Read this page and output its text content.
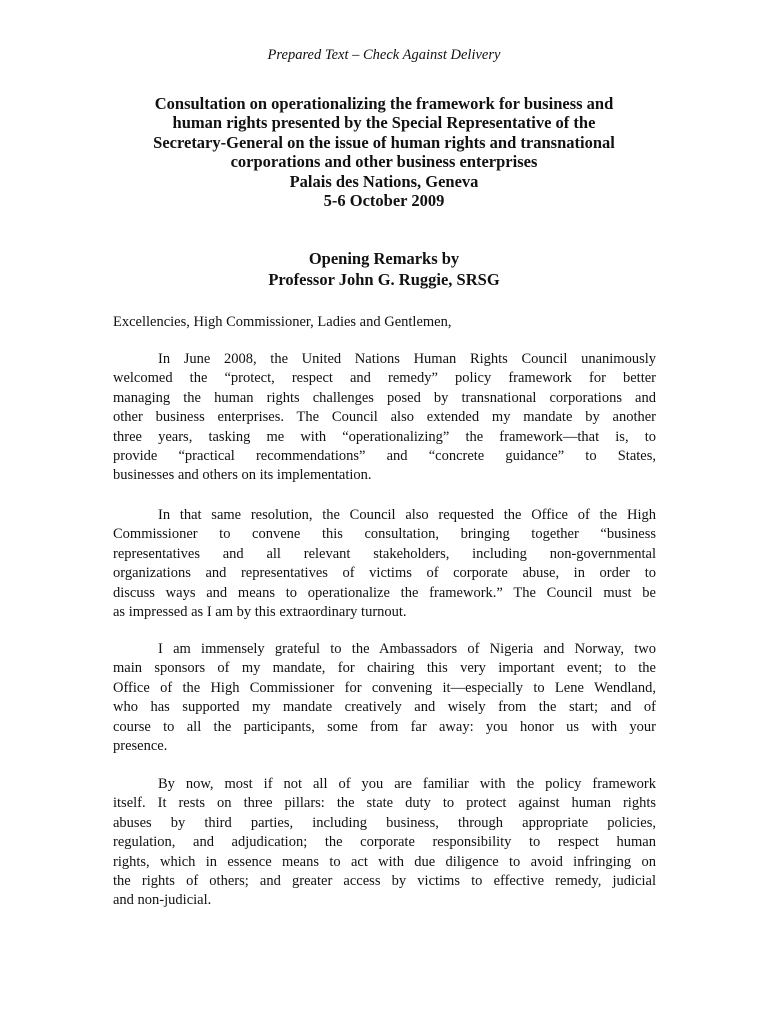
Prepared Text – Check Against Delivery
Consultation on operationalizing the framework for business and
human rights presented by the Special Representative of the
Secretary-General on the issue of human rights and transnational
corporations and other business enterprises
Palais des Nations, Geneva
5-6 October 2009
Opening Remarks by
Professor John G. Ruggie, SRSG
Excellencies, High Commissioner, Ladies and Gentlemen,
In June 2008, the United Nations Human Rights Council unanimously
welcomed the “protect, respect and remedy” policy framework for better
managing the human rights challenges posed by transnational corporations and
other business enterprises. The Council also extended my mandate by another
three years, tasking me with “operationalizing” the framework—that is, to
provide “practical recommendations” and “concrete guidance” to States,
businesses and others on its implementation.
In that same resolution, the Council also requested the Office of the High
Commissioner to convene this consultation, bringing together “business
representatives and all relevant stakeholders, including non-governmental
organizations and representatives of victims of corporate abuse, in order to
discuss ways and means to operationalize the framework.” The Council must be
as impressed as I am by this extraordinary turnout.
I am immensely grateful to the Ambassadors of Nigeria and Norway, two
main sponsors of my mandate, for chairing this very important event; to the
Office of the High Commissioner for convening it—especially to Lene Wendland,
who has supported my mandate creatively and wisely from the start; and of
course to all the participants, some from far away: you honor us with your
presence.
By now, most if not all of you are familiar with the policy framework
itself. It rests on three pillars: the state duty to protect against human rights
abuses by third parties, including business, through appropriate policies,
regulation, and adjudication; the corporate responsibility to respect human
rights, which in essence means to act with due diligence to avoid infringing on
the rights of others; and greater access by victims to effective remedy, judicial
and non-judicial.
